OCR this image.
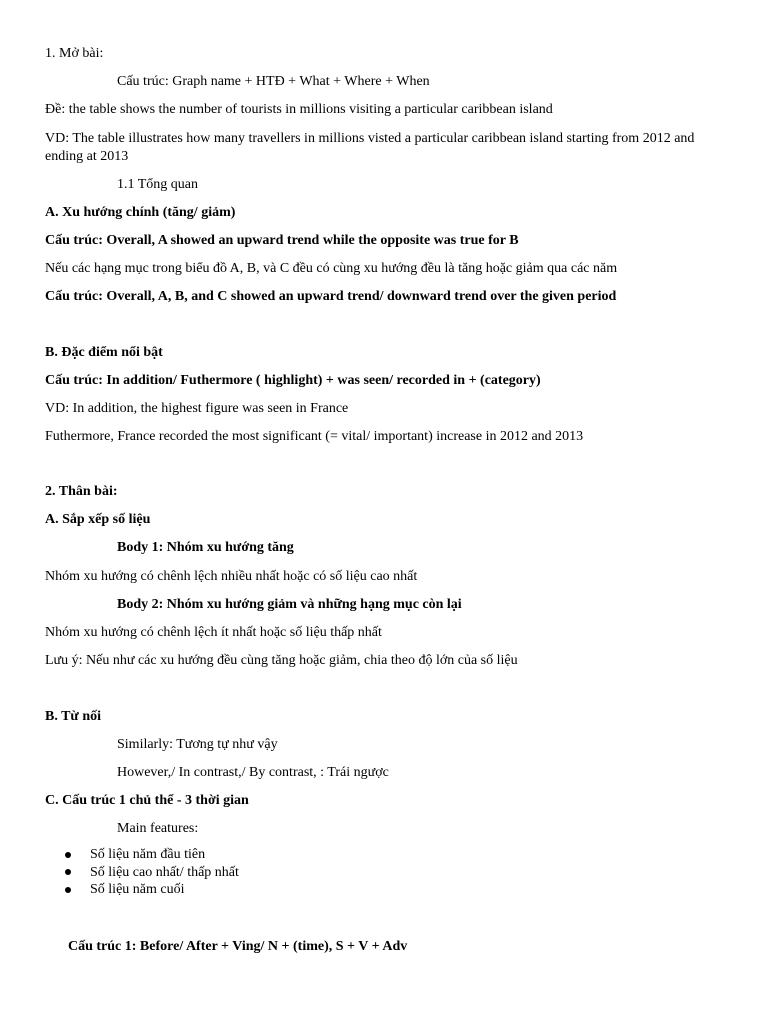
1. Mở bài:
Cấu trúc: Graph name + HTĐ + What + Where + When
Đề: the table shows the number of tourists in millions visiting a particular caribbean island
VD: The table illustrates how many travellers in millions visted a particular caribbean island starting from 2012 and ending at 2013
1.1 Tổng quan
A. Xu hướng chính (tăng/ giảm)
Cấu trúc: Overall, A showed an upward trend while the opposite was true for B
Nếu các hạng mục trong biểu đồ A, B, và C đều có cùng xu hướng đều là tăng hoặc giảm qua các năm
Cấu trúc: Overall, A, B, and C showed an upward trend/ downward trend over the given period
B. Đặc điểm nổi bật
Cấu trúc: In addition/ Futhermore ( highlight) + was seen/ recorded in + (category)
VD: In addition, the highest figure was seen in France
Futhermore, France recorded the most significant (= vital/ important) increase in 2012 and 2013
2. Thân bài:
A. Sắp xếp số liệu
Body 1: Nhóm xu hướng tăng
Nhóm xu hướng có chênh lệch nhiều nhất hoặc có số liệu cao nhất
Body 2: Nhóm xu hướng giảm và những hạng mục còn lại
Nhóm xu hướng có chênh lệch ít nhất hoặc số liệu thấp nhất
Lưu ý: Nếu như các xu hướng đều cùng tăng hoặc giảm, chia theo độ lớn của số liệu
B. Từ nối
Similarly: Tương tự như vậy
However,/ In contrast,/ By contrast, : Trái ngược
C. Cấu trúc 1 chủ thể - 3 thời gian
Main features:
Số liệu năm đầu tiên
Số liệu cao nhất/ thấp nhất
Số liệu năm cuối
Cấu trúc 1: Before/ After + Ving/ N + (time), S + V + Adv
